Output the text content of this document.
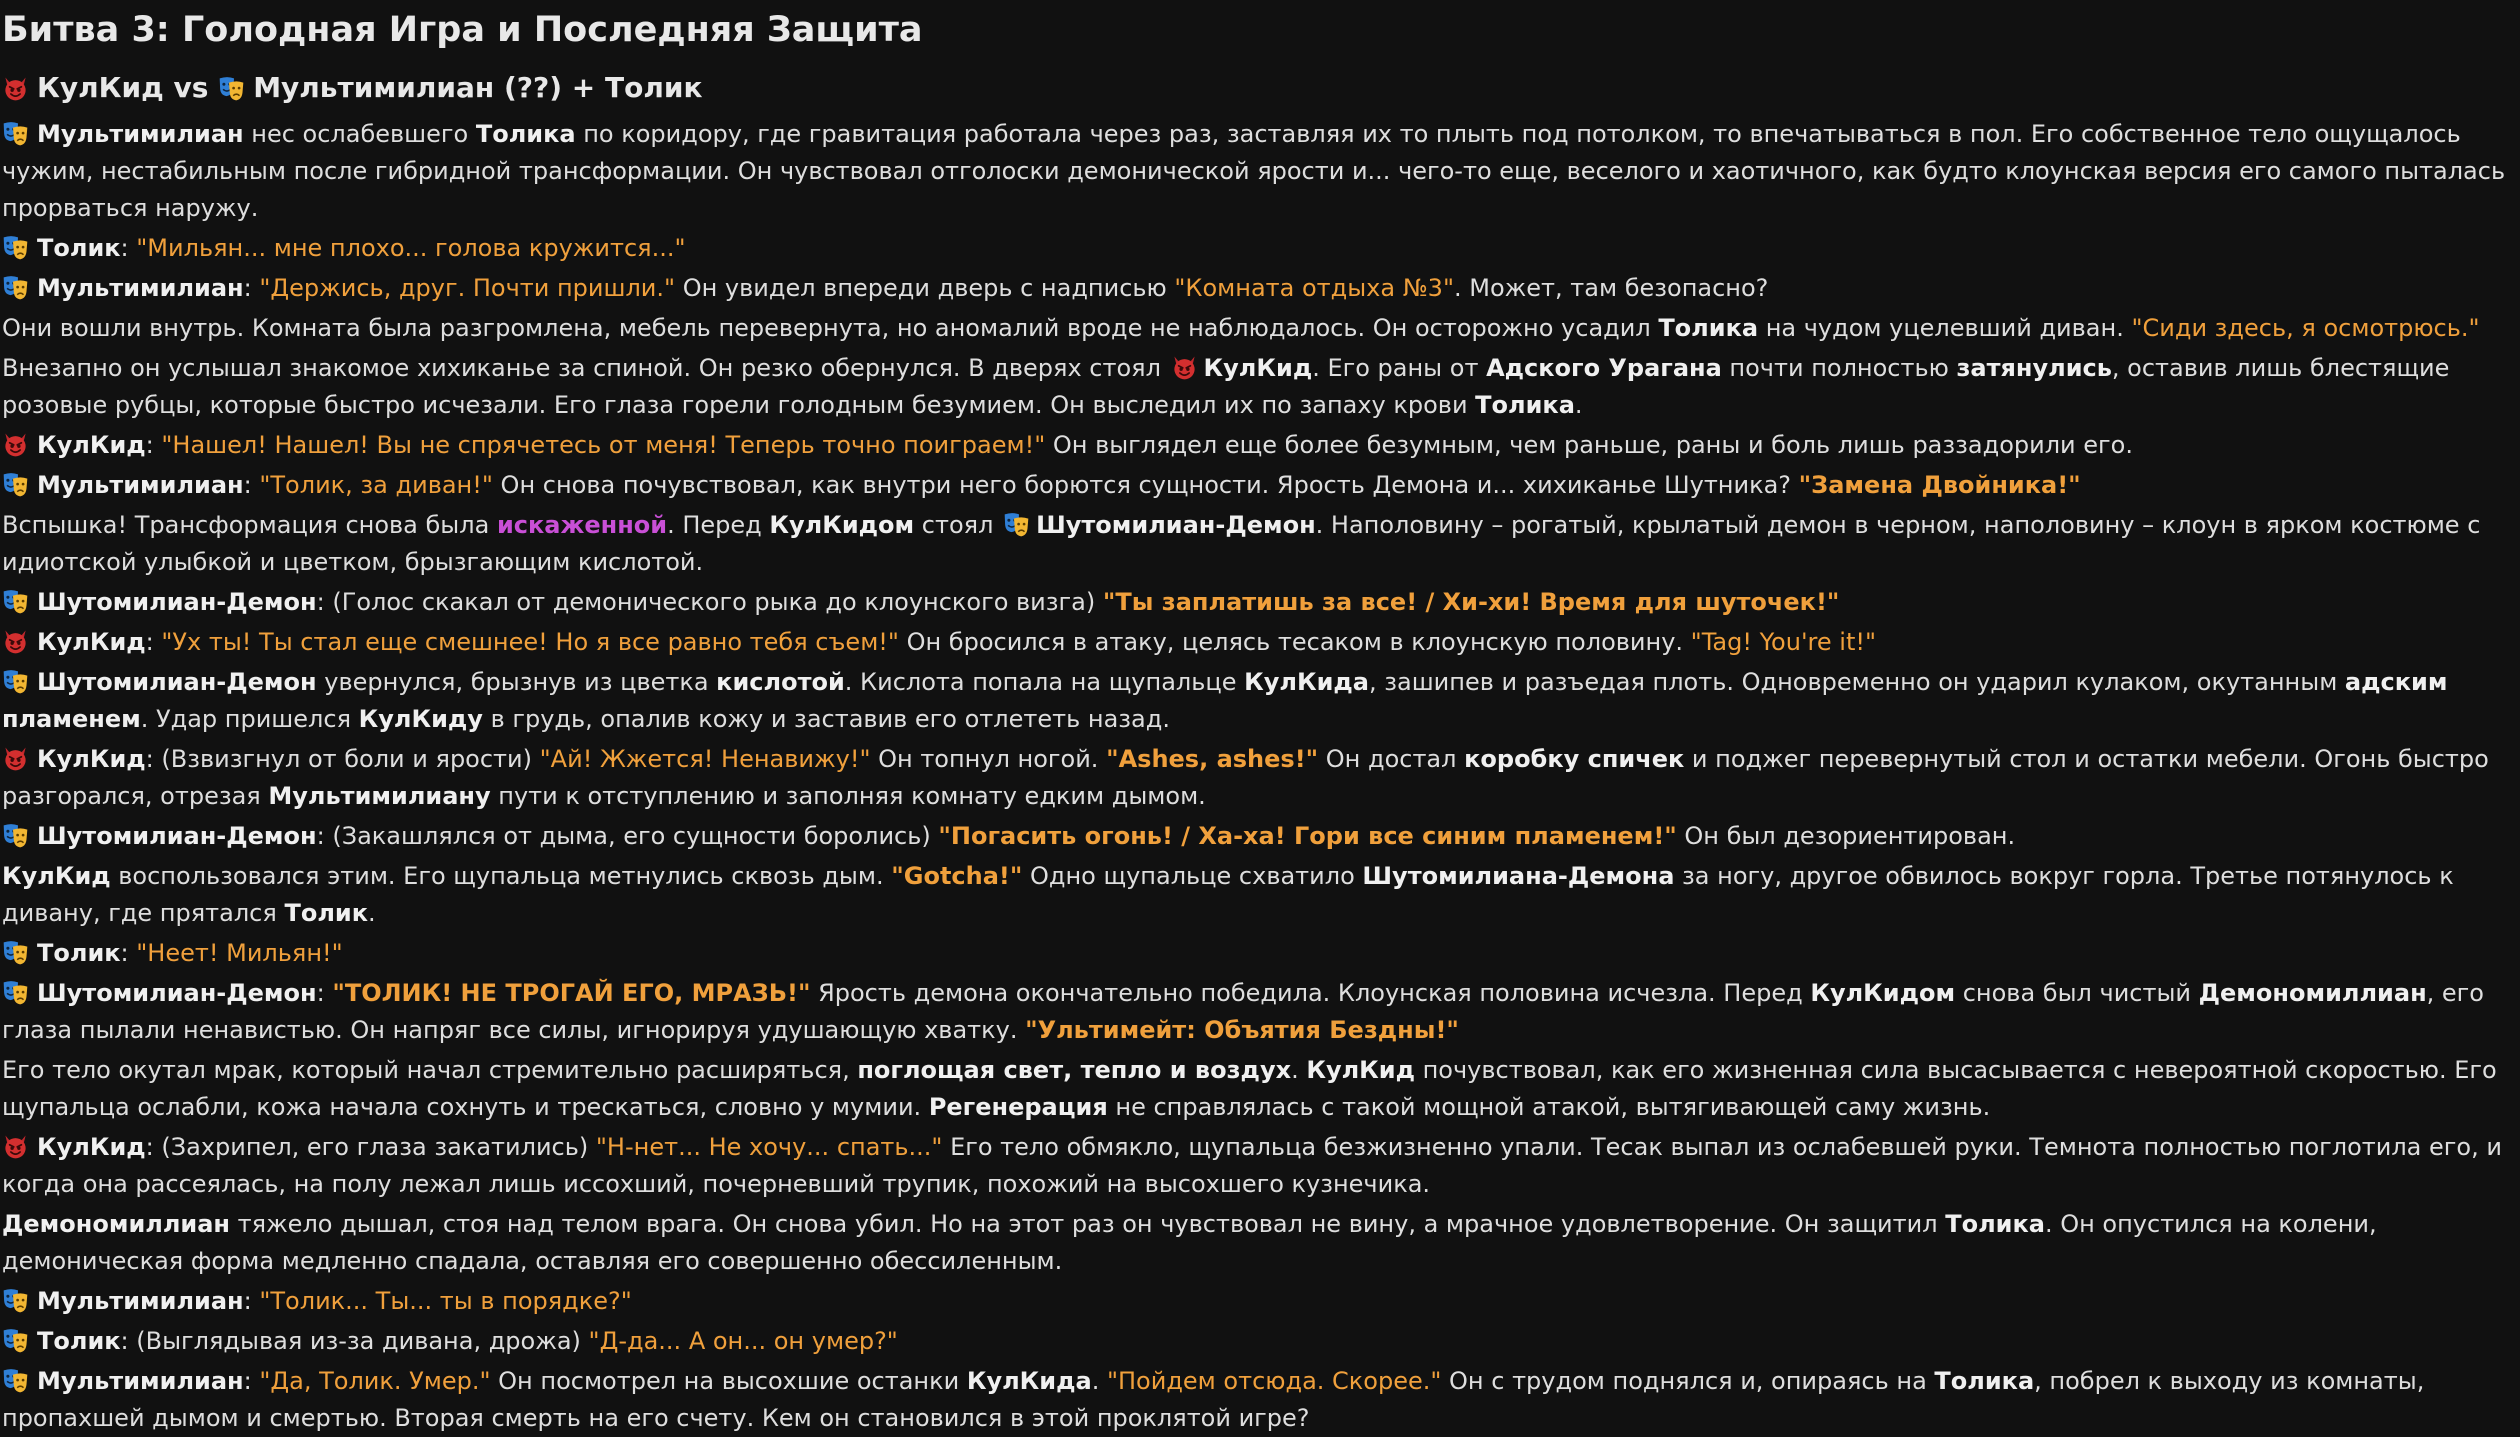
Битва 3: Голодная Игра и Последняя Защита
КулКид vs Мультимилиан (??) + Толик

Мультимилиан нес ослабевшего Толика по коридору, где гравитация работала через раз, заставляя их то плыть под потолком, то впечатываться в пол. Его собственное тело ощущалось чужим, нестабильным после гибридной трансформации. Он чувствовал отголоски демонической ярости и... чего-то еще, веселого и хаотичного, как будто клоунская версия его самого пыталась прорваться наружу.

Толик: "Мильян... мне плохо... голова кружится..."

Мультимилиан: "Держись, друг. Почти пришли." Он увидел впереди дверь с надписью "Комната отдыха №3". Может, там безопасно?

Они вошли внутрь. Комната была разгромлена, мебель перевернута, но аномалий вроде не наблюдалось. Он осторожно усадил Толика на чудом уцелевший диван. "Сиди здесь, я осмотрюсь."

Внезапно он услышал знакомое хихиканье за спиной. Он резко обернулся. В дверях стоял КулКид. Его раны от Адского Урагана почти полностью затянулись, оставив лишь блестящие розовые рубцы, которые быстро исчезали. Его глаза горели голодным безумием. Он выследил их по запаху крови Толика.

КулКид: "Нашел! Нашел! Вы не спрячетесь от меня! Теперь точно поиграем!" Он выглядел еще более безумным, чем раньше, раны и боль лишь раззадорили его.

Мультимилиан: "Толик, за диван!" Он снова почувствовал, как внутри него борются сущности. Ярость Демона и... хихиканье Шутника? "Замена Двойника!"

Вспышка! Трансформация снова была искаженной. Перед КулКидом стоял Шутомилиан-Демон. Наполовину – рогатый, крылатый демон в черном, наполовину – клоун в ярком костюме с идиотской улыбкой и цветком, брызгающим кислотой.

Шутомилиан-Демон: (Голос скакал от демонического рыка до клоунского визга) "Ты заплатишь за все! / Хи-хи! Время для шуточек!"

КулКид: "Ух ты! Ты стал еще смешнее! Но я все равно тебя съем!" Он бросился в атаку, целясь тесаком в клоунскую половину. "Tag! You're it!"

Шутомилиан-Демон увернулся, брызнув из цветка кислотой. Кислота попала на щупальце КулКида, зашипев и разъедая плоть. Одновременно он ударил кулаком, окутанным адским пламенем. Удар пришелся КулКиду в грудь, опалив кожу и заставив его отлететь назад.

КулКид: (Взвизгнул от боли и ярости) "Ай! Жжется! Ненавижу!" Он топнул ногой. "Ashes, ashes!" Он достал коробку спичек и поджег перевернутый стол и остатки мебели. Огонь быстро разгорался, отрезая Мультимилиану пути к отступлению и заполняя комнату едким дымом.

Шутомилиан-Демон: (Закашлялся от дыма, его сущности боролись) "Погасить огонь! / Ха-ха! Гори все синим пламенем!" Он был дезориентирован.

КулКид воспользовался этим. Его щупальца метнулись сквозь дым. "Gotcha!" Одно щупальце схватило Шутомилиана-Демона за ногу, другое обвилось вокруг горла. Третье потянулось к дивану, где прятался Толик.

Толик: "Неет! Мильян!"

Шутомилиан-Демон: "ТОЛИК! НЕ ТРОГАЙ ЕГО, МРАЗЬ!" Ярость демона окончательно победила. Клоунская половина исчезла. Перед КулКидом снова был чистый Демономиллиан, его глаза пылали ненавистью. Он напряг все силы, игнорируя удушающую хватку. "Ультимейт: Объятия Бездны!"

Его тело окутал мрак, который начал стремительно расширяться, поглощая свет, тепло и воздух. КулКид почувствовал, как его жизненная сила высасывается с невероятной скоростью. Его щупальца ослабли, кожа начала сохнуть и трескаться, словно у мумии. Регенерация не справлялась с такой мощной атакой, вытягивающей саму жизнь.

КулКид: (Захрипел, его глаза закатились) "Н-нет... Не хочу... спать..." Его тело обмякло, щупальца безжизненно упали. Тесак выпал из ослабевшей руки. Темнота полностью поглотила его, и когда она рассеялась, на полу лежал лишь иссохший, почерневший трупик, похожий на высохшего кузнечика.

Демономиллиан тяжело дышал, стоя над телом врага. Он снова убил. Но на этот раз он чувствовал не вину, а мрачное удовлетворение. Он защитил Толика. Он опустился на колени, демоническая форма медленно спадала, оставляя его совершенно обессиленным.

Мультимилиан: "Толик... Ты... ты в порядке?"

Толик: (Выглядывая из-за дивана, дрожа) "Д-да... А он... он умер?"

Мультимилиан: "Да, Толик. Умер." Он посмотрел на высохшие останки КулКида. "Пойдем отсюда. Скорее." Он с трудом поднялся и, опираясь на Толика, побрел к выходу из комнаты, пропахшей дымом и смертью. Вторая смерть на его счету. Кем он становился в этой проклятой игре?
